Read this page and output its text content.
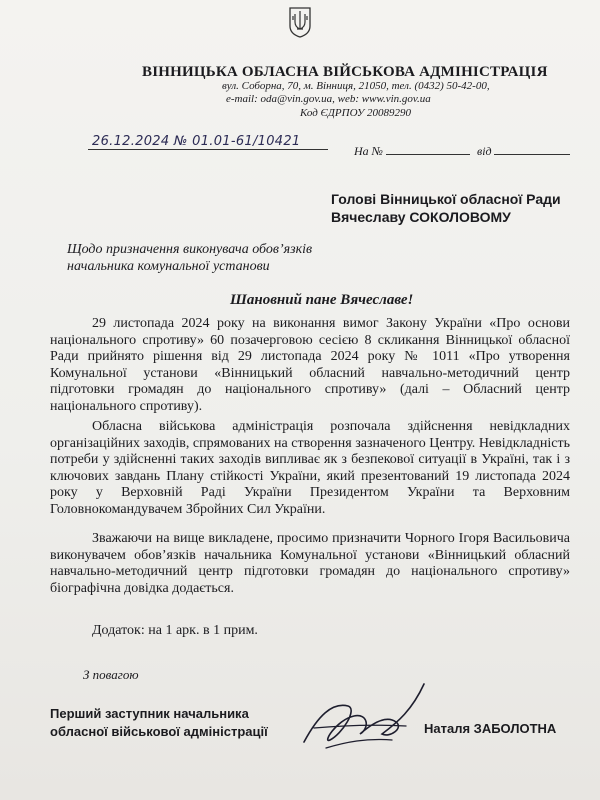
ВІННИЦЬКА ОБЛАСНА ВІЙСЬКОВА АДМІНІСТРАЦІЯ
вул. Соборна, 70, м. Вінниця, 21050, тел. (0432) 50-42-00,
e-mail: oda@vin.gov.ua, web: www.vin.gov.ua
Код ЄДРПОУ 20089290
26.12.2024 № 01.01-61/10421
На №	від
Голові Вінницької обласної Ради
Вячеславу СОКОЛОВОМУ
Щодо призначення виконувача обов’язків
начальника комунальної установи
Шановний пане Вячеславе!
29 листопада 2024 року на виконання вимог Закону України «Про основи національного спротиву» 60 позачерговою сесією 8 скликання Вінницької обласної Ради прийнято рішення від 29 листопада 2024 року № 1011 «Про утворення Комунальної установи «Вінницький обласний навчально-методичний центр підготовки громадян до національного спротиву» (далі – Обласний центр національного спротиву).
Обласна військова адміністрація розпочала здійснення невідкладних організаційних заходів, спрямованих на створення зазначеного Центру. Невідкладність потреби у здійсненні таких заходів випливає як з безпекової ситуації в Україні, так і з ключових завдань Плану стійкості України, який презентований 19 листопада 2024 року у Верховній Раді України Президентом України та Верховним Головнокомандувачем Збройних Сил України.
Зважаючи на вище викладене, просимо призначити Чорного Ігоря Васильовича виконувачем обов’язків начальника Комунальної установи «Вінницький обласний навчально-методичний центр підготовки громадян до національного спротиву» біографічна довідка додається.
Додаток: на 1 арк. в 1 прим.
З повагою
Перший заступник начальника
обласної військової адміністрації	Наталя ЗАБОЛОТНА
